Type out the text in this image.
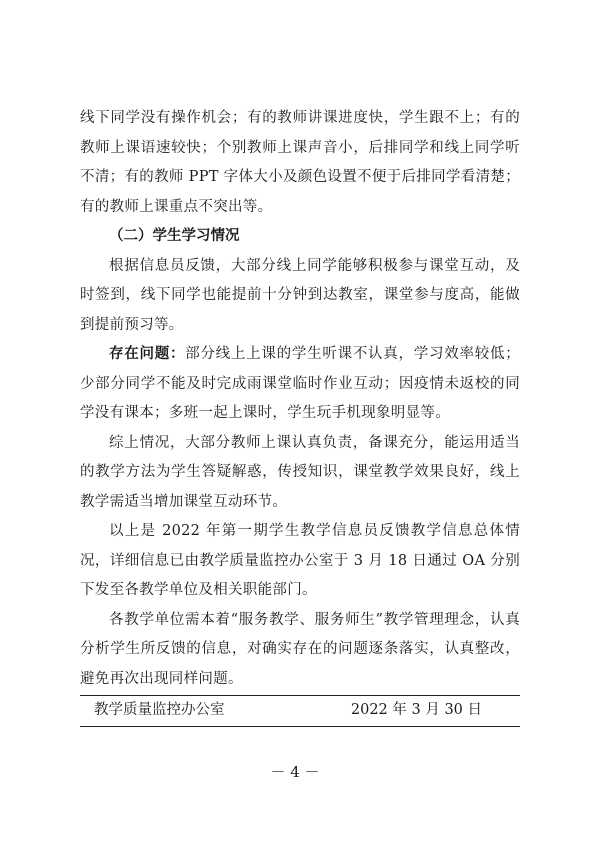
线下同学没有操作机会；有的教师讲课进度快，学生跟不上；有的教师上课语速较快；个别教师上课声音小，后排同学和线上同学听不清；有的教师 PPT 字体大小及颜色设置不便于后排同学看清楚；有的教师上课重点不突出等。

（二）学生学习情况

根据信息员反馈，大部分线上同学能够积极参与课堂互动，及时签到，线下同学也能提前十分钟到达教室，课堂参与度高，能做到提前预习等。

存在问题：部分线上上课的学生听课不认真，学习效率较低；少部分同学不能及时完成雨课堂临时作业互动；因疫情未返校的同学没有课本；多班一起上课时，学生玩手机现象明显等。

综上情况，大部分教师上课认真负责，备课充分，能运用适当的教学方法为学生答疑解惑，传授知识，课堂教学效果良好，线上教学需适当增加课堂互动环节。

以上是 2022 年第一期学生教学信息员反馈教学信息总体情况，详细信息已由教学质量监控办公室于 3 月 18 日通过 OA 分别下发至各教学单位及相关职能部门。

各教学单位需本着“服务教学、服务师生”教学管理理念，认真分析学生所反馈的信息，对确实存在的问题逐条落实，认真整改，避免再次出现同样问题。

教学质量监控办公室	2022 年 3 月 30 日
－ 4 －
